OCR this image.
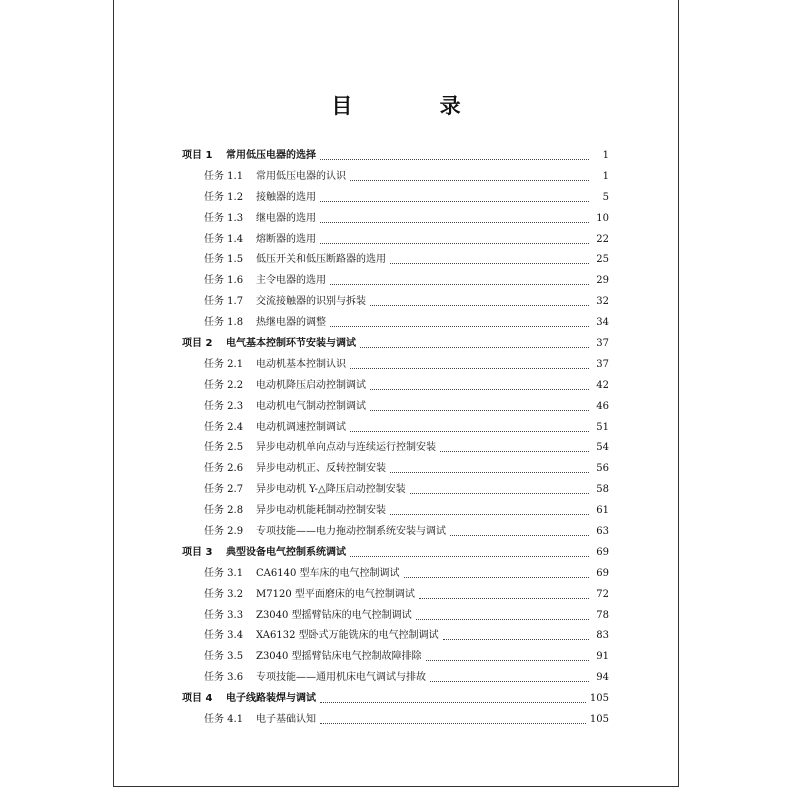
目 录
项目 1	常用低压电器的选择	1
任务 1.1	常用低压电器的认识	1
任务 1.2	接触器的选用	5
任务 1.3	继电器的选用	10
任务 1.4	熔断器的选用	22
任务 1.5	低压开关和低压断路器的选用	25
任务 1.6	主令电器的选用	29
任务 1.7	交流接触器的识别与拆装	32
任务 1.8	热继电器的调整	34
项目 2	电气基本控制环节安装与调试	37
任务 2.1	电动机基本控制认识	37
任务 2.2	电动机降压启动控制调试	42
任务 2.3	电动机电气制动控制调试	46
任务 2.4	电动机调速控制调试	51
任务 2.5	异步电动机单向点动与连续运行控制安装	54
任务 2.6	异步电动机正、反转控制安装	56
任务 2.7	异步电动机 Y-△降压启动控制安装	58
任务 2.8	异步电动机能耗制动控制安装	61
任务 2.9	专项技能——电力拖动控制系统安装与调试	63
项目 3	典型设备电气控制系统调试	69
任务 3.1	CA6140 型车床的电气控制调试	69
任务 3.2	M7120 型平面磨床的电气控制调试	72
任务 3.3	Z3040 型摇臂钻床的电气控制调试	78
任务 3.4	XA6132 型卧式万能铣床的电气控制调试	83
任务 3.5	Z3040 型摇臂钻床电气控制故障排除	91
任务 3.6	专项技能——通用机床电气调试与排故	94
项目 4	电子线路装焊与调试	105
任务 4.1	电子基础认知	105
